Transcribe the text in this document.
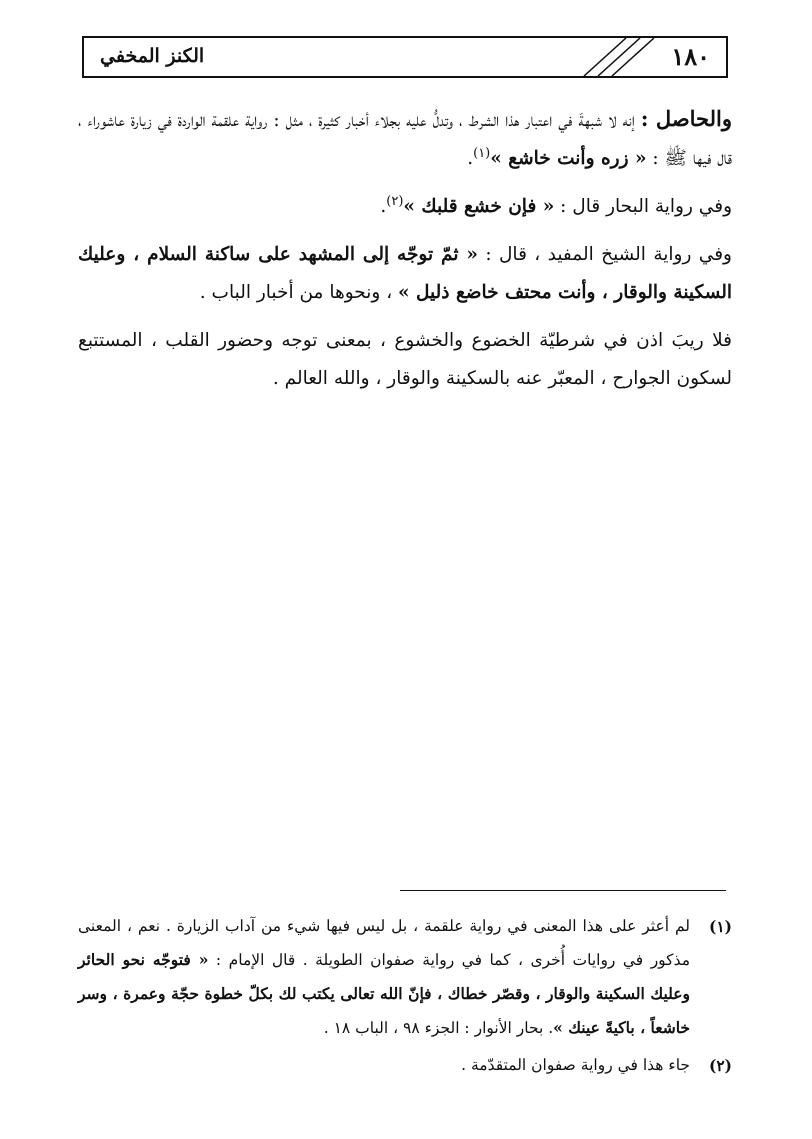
١٨٠
الكنز المخفي

والحاصل : إنه لا شبهةَ في اعتبار هذا الشرط ، وتدلُّ عليه بجلاء أخبار كثيرة ، مثل : رواية علقمة الواردة في زيارة عاشوراء ، قال فيها ﷺ : « زره وأنت خاشع »$^{(١)}$.

وفي رواية البحار قال : « فإن خشع قلبك »$^{(٢)}$.

وفي رواية الشيخ المفيد ، قال : « ثمّ توجّه إلى المشهد على ساكنة السلام ، وعليك السكينة والوقار ، وأنت محتف خاضع ذليل » ، ونحوها من أخبار الباب .

فلا ريبَ اذن في شرطيّة الخضوع والخشوع ، بمعنى توجه وحضور القلب ، المستتبع لسكون الجوارح ، المعبّر عنه بالسكينة والوقار ، والله العالم .

(١)
لم أعثر على هذا المعنى في رواية علقمة ، بل ليس فيها شيء من آداب الزيارة . نعم ، المعنى مذكور في روايات أُخرى ، كما في رواية صفوان الطويلة . قال الإمام : « فتوجّه نحو الحائر وعليك السكينة والوقار ، وقصّر خطاك ، فإنّ الله تعالى يكتب لك بكلّ خطوة حجّة وعمرة ، وسر خاشعاً ، باكيةً عينك ». بحار الأنوار : الجزء ٩٨ ، الباب ١٨ .
(٢)
جاء هذا في رواية صفوان المتقدّمة .
